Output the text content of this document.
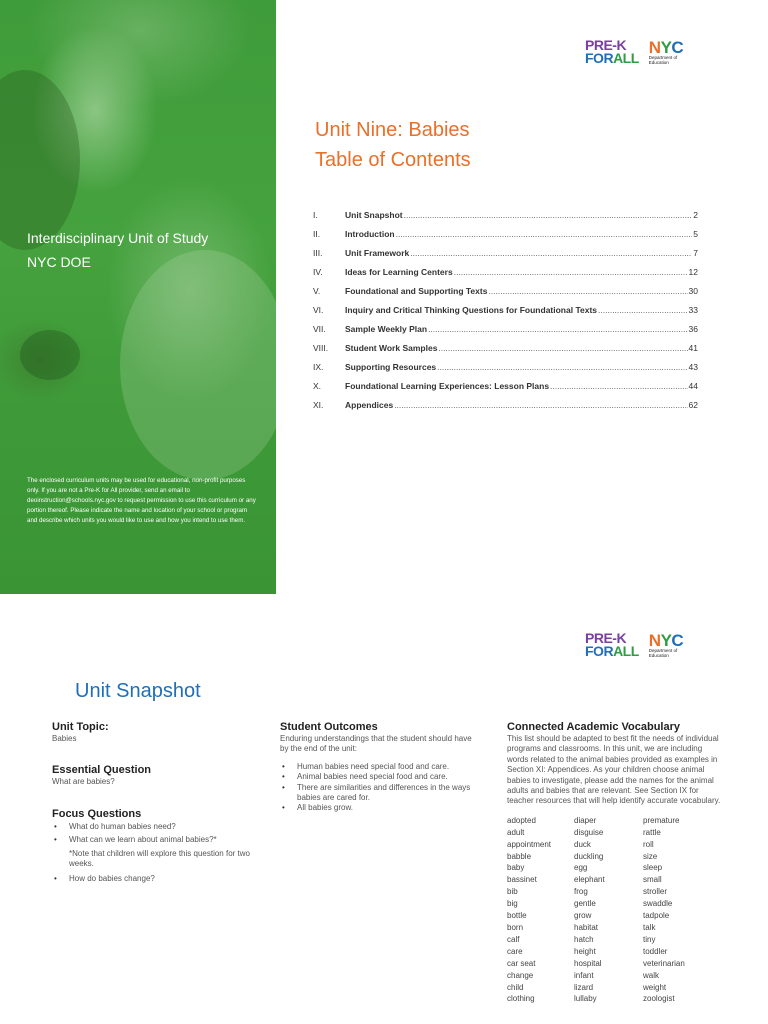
Interdisciplinary Unit of Study
NYC DOE
The enclosed curriculum units may be used for educational, non-profit purposes only. If you are not a Pre-K for All provider, send an email to deoinstruction@schools.nyc.gov to request permission to use this curriculum or any portion thereof. Please indicate the name and location of your school or program and describe which units you would like to use and how you intend to use them.
PRE-K
FORALL
NYC
Department of
Education
Unit Nine: Babies
Table of Contents
I.	Unit Snapshot .....	2
II.	Introduction .....	5
III.	Unit Framework .....	7
IV.	Ideas for Learning Centers .....	12
V.	Foundational and Supporting Texts .....	30
VI.	Inquiry and Critical Thinking Questions for Foundational Texts .....	33
VII.	Sample Weekly Plan .....	36
VIII.	Student Work Samples .....	41
IX.	Supporting Resources .....	43
X.	Foundational Learning Experiences: Lesson Plans .....	44
XI.	Appendices .....	62
PRE-K
FORALL
NYC
Department of
Education
Unit Snapshot
Unit Topic:

Babies

Essential Question

What are babies?

Focus Questions
• What do human babies need?
• What can we learn about animal babies?*

*Note that children will explore this question for two weeks.

• How do babies change?
Student Outcomes

Enduring understandings that the student should have by the end of the unit:

• Human babies need special food and care.
• Animal babies need special food and care.
• There are similarities and differences in the ways babies are cared for.
• All babies grow.
Connected Academic Vocabulary

This list should be adapted to best fit the needs of individual programs and classrooms. In this unit, we are including words related to the animal babies provided as examples in Section XI: Appendices. As your children choose animal babies to investigate, please add the names for the animal adults and babies that are relevant. See Section IX for teacher resources that will help identify accurate vocabulary.

adopted
adult
appointment
babble
baby
bassinet
bib
big
bottle
born
calf
care
car seat
change
child
clothing
diaper
disguise
duck
duckling
egg
elephant
frog
gentle
grow
habitat
hatch
height
hospital
infant
lizard
lullaby
premature
rattle
roll
size
sleep
small
stroller
swaddle
tadpole
talk
tiny
toddler
veterinarian
walk
weight
zoologist
